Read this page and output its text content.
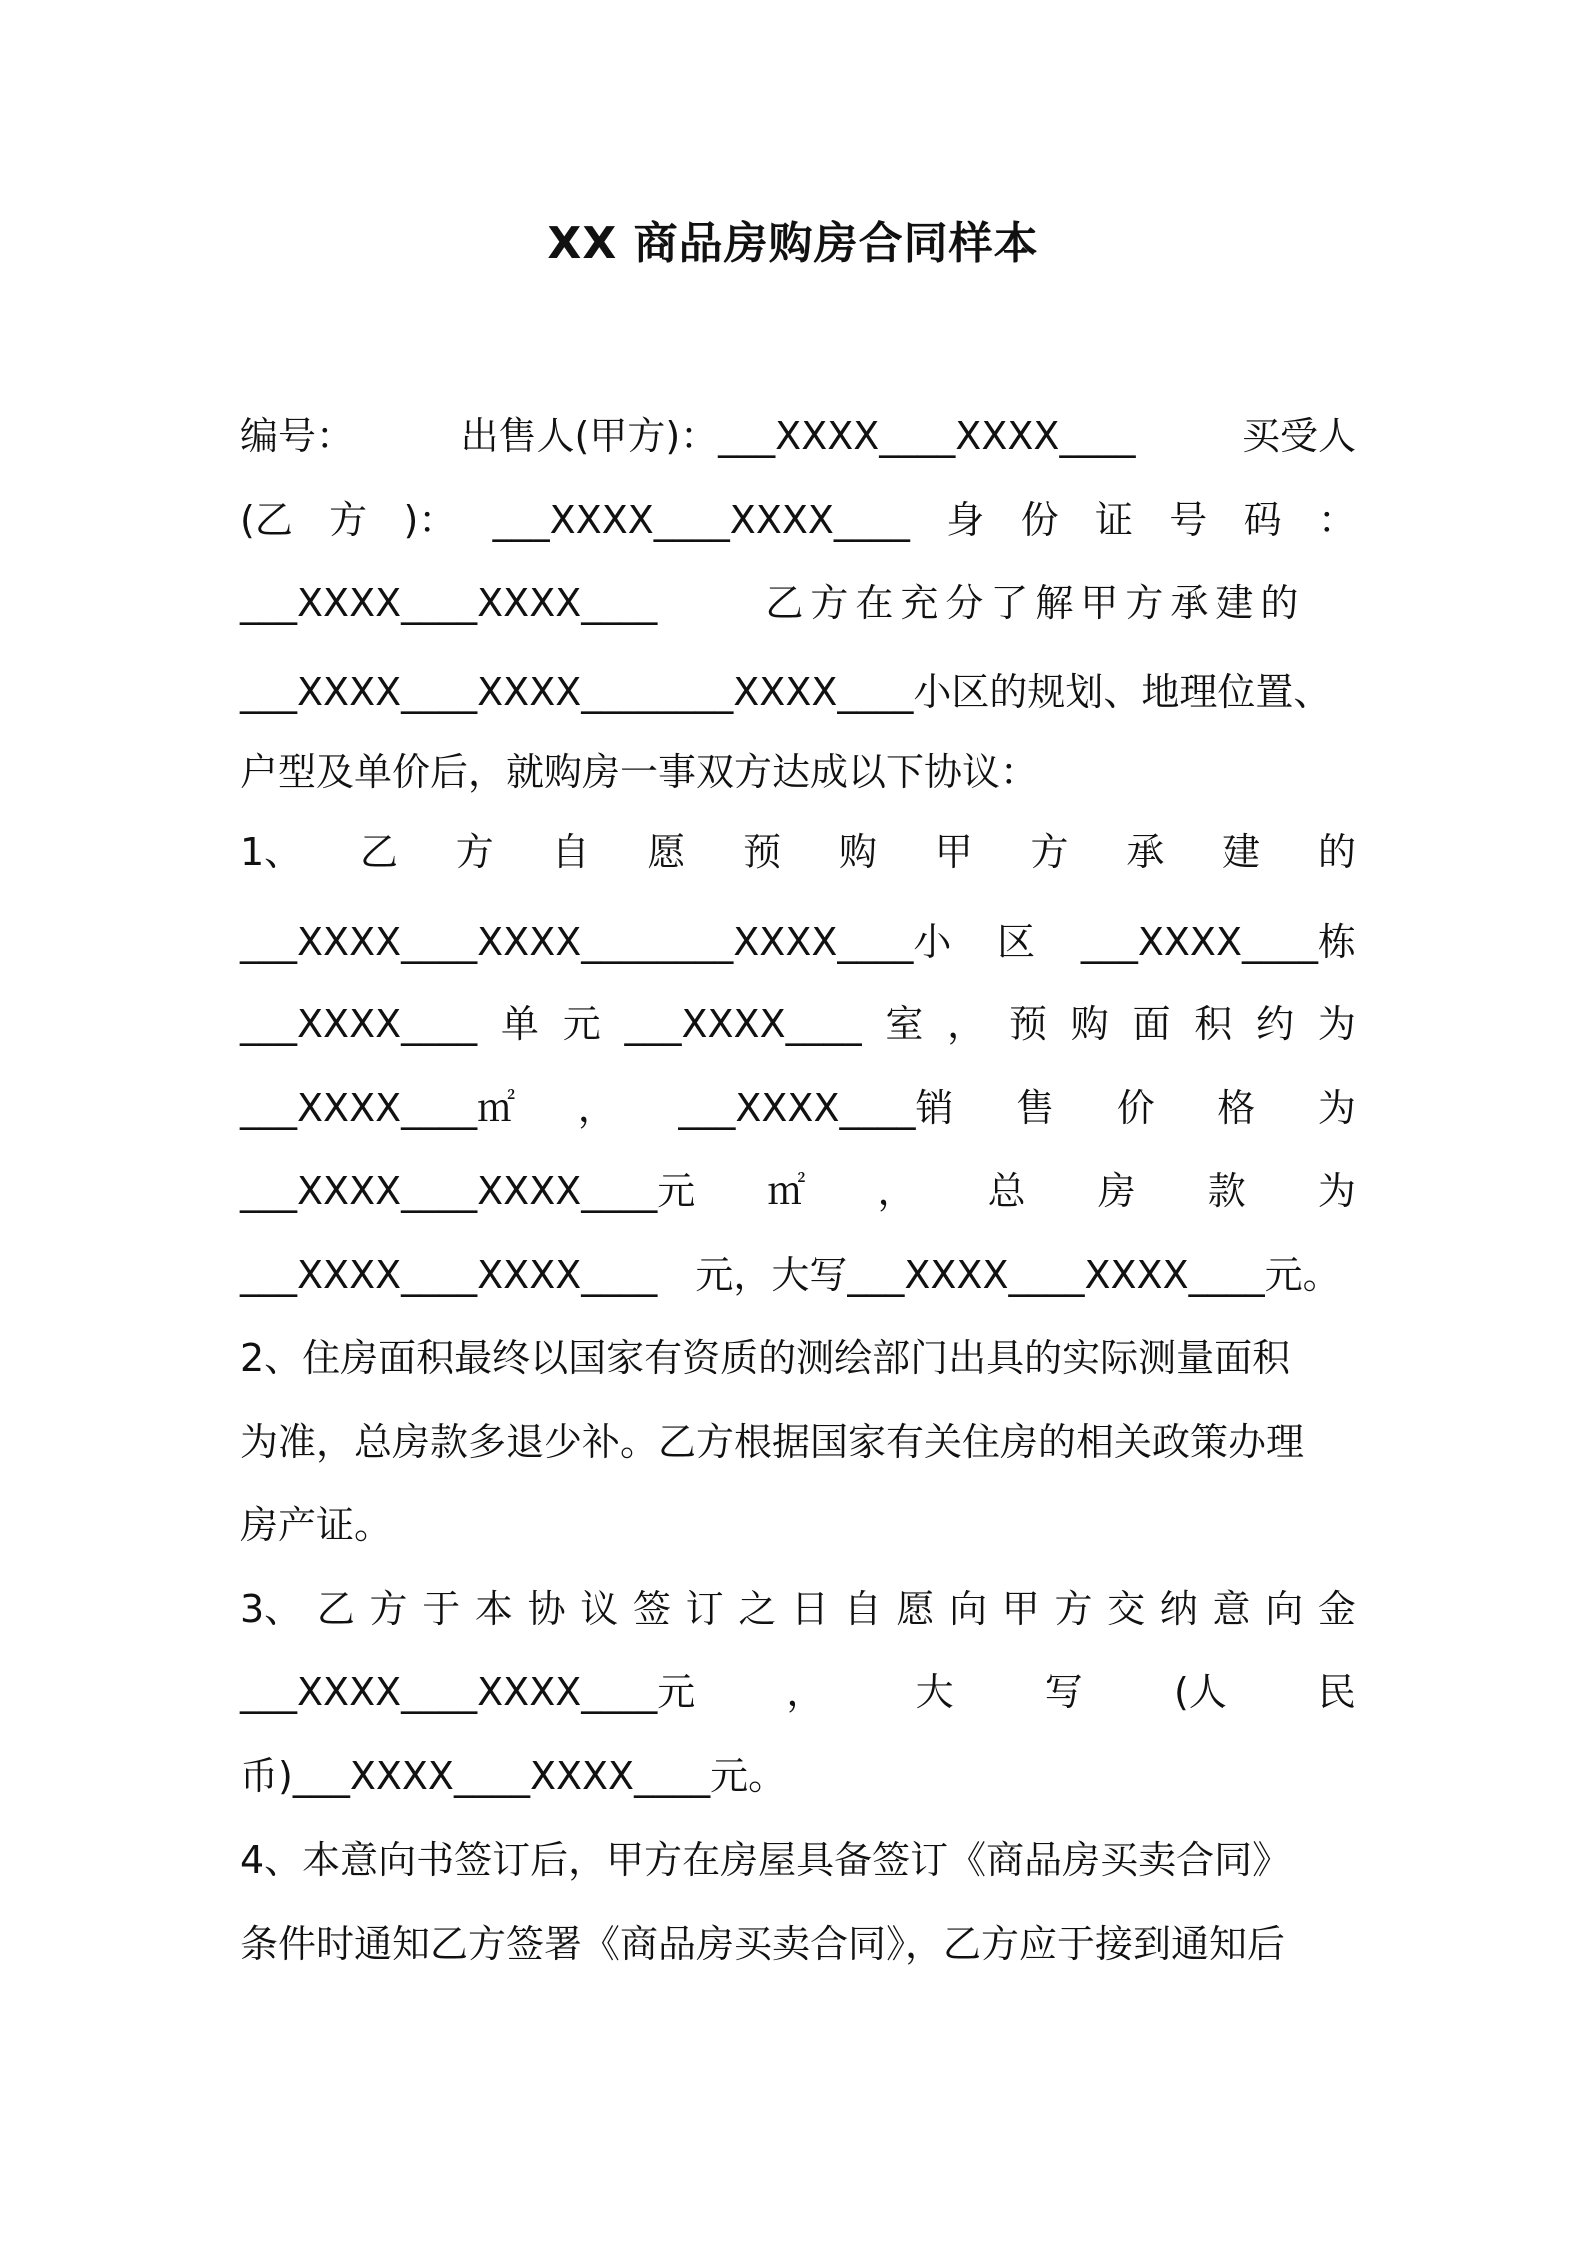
XX 商品房购房合同样本
编号：	出售人(甲方)：___XXXX____XXXX____	买受人
(乙 方 )： ___XXXX____XXXX____ 身 份 证 号 码 ：
___XXXX____XXXX____	乙方在充分了解甲方承建的
___XXXX____XXXX________XXXX____小区的规划、地理位置、
户型及单价后，就购房一事双方达成以下协议：
1、 乙 方 自 愿 预 购 甲 方 承 建 的
___XXXX____XXXX________XXXX____小 区 ___XXXX____栋
___XXXX____ 单 元 ___XXXX____ 室 ， 预 购 面 积 约 为
___XXXX____㎡ ， ___XXXX____销 售 价 格 为
___XXXX____XXXX____元 ㎡ ， 总 房 款 为
___XXXX____XXXX____ 元，大写___XXXX____XXXX____元。
2、住房面积最终以国家有资质的测绘部门出具的实际测量面积
为准，总房款多退少补。乙方根据国家有关住房的相关政策办理
房产证。
3、 乙 方 于 本 协 议 签 订 之 日 自 愿 向 甲 方 交 纳 意 向 金
___XXXX____XXXX____元 ， 大 写 (人 民
币)___XXXX____XXXX____元。
4、本意向书签订后，甲方在房屋具备签订《商品房买卖合同》
条件时通知乙方签署《商品房买卖合同》，乙方应于接到通知后
